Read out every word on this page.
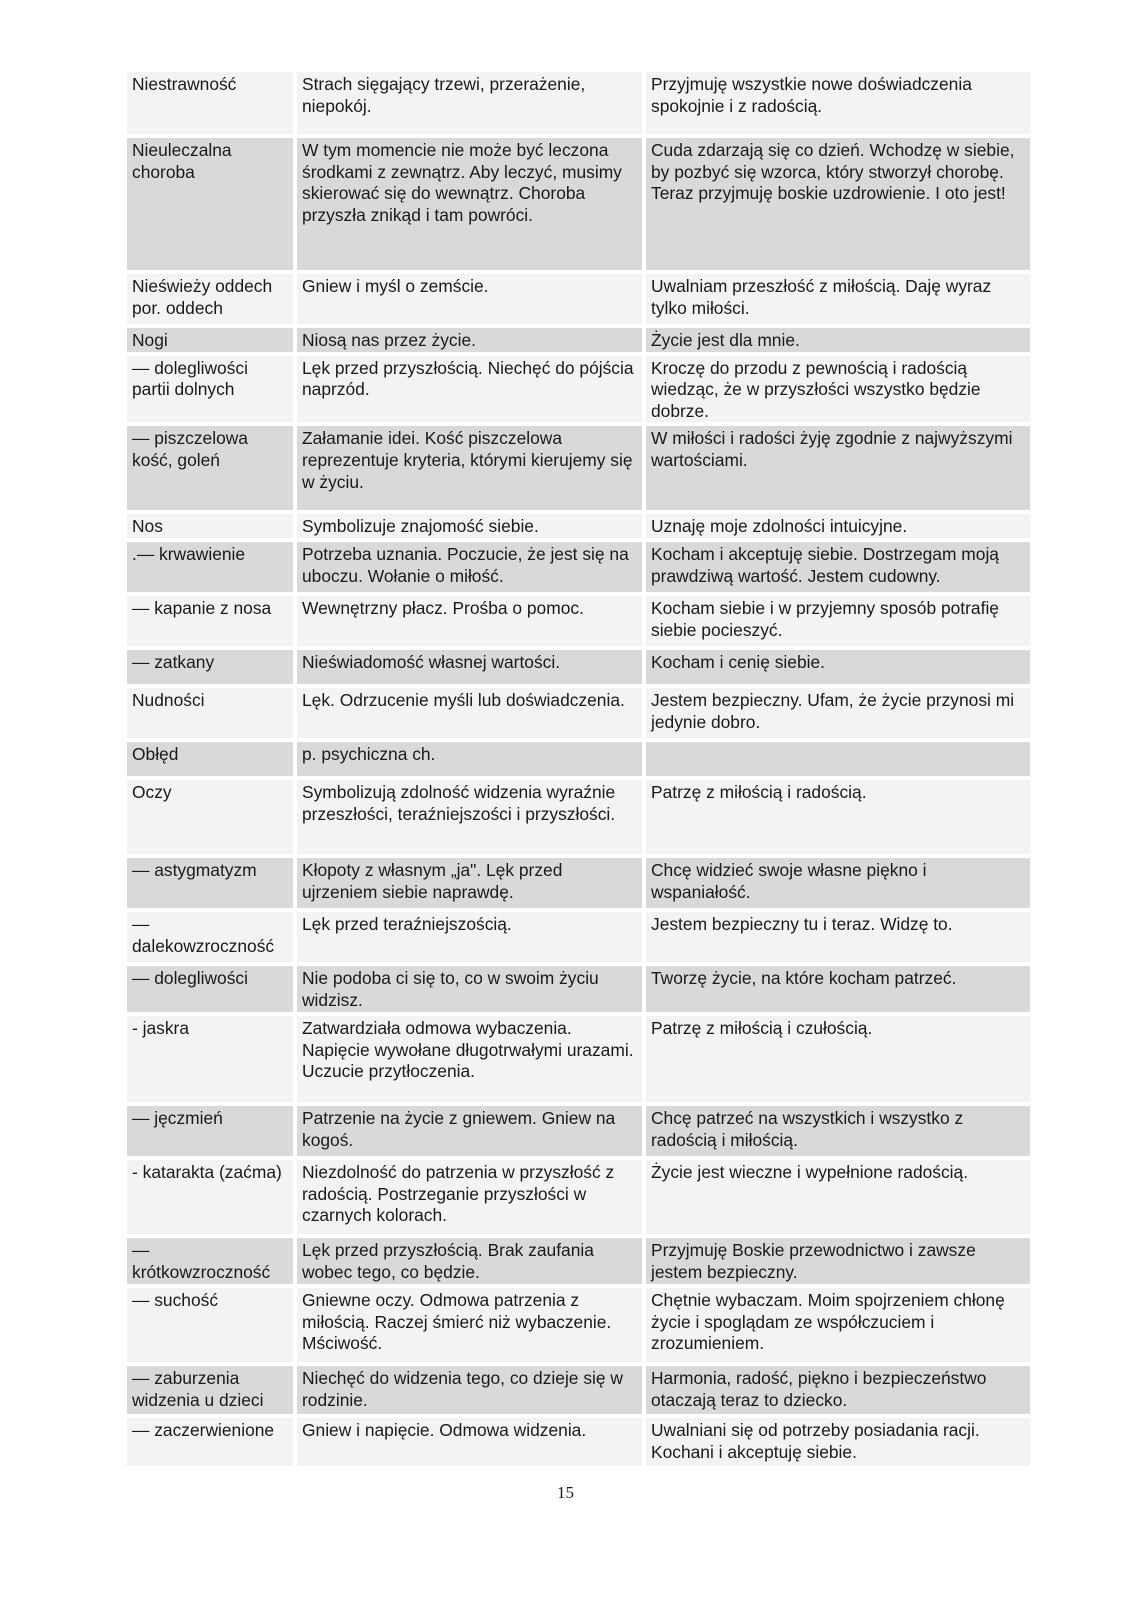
Niestrawność	Strach sięgający trzewi, przerażenie, niepokój.	Przyjmuję wszystkie nowe doświadczenia spokojnie i z radością.
Nieuleczalna choroba	W tym momencie nie może być leczona środkami z zewnątrz. Aby leczyć, musimy skierować się do wewnątrz. Choroba przyszła znikąd i tam powróci.	Cuda zdarzają się co dzień. Wchodzę w siebie, by pozbyć się wzorca, który stworzył chorobę. Teraz przyjmuję boskie uzdrowienie. I oto jest!
Nieświeży oddech por. oddech	Gniew i myśl o zemście.	Uwalniam przeszłość z miłością. Daję wyraz tylko miłości.
Nogi	Niosą nas przez życie.	Życie jest dla mnie.
— dolegliwości partii dolnych	Lęk przed przyszłością. Niechęć do pójścia naprzód.	Kroczę do przodu z pewnością i radością wiedząc, że w przyszłości wszystko będzie dobrze.
— piszczelowa kość, goleń	Załamanie idei. Kość piszczelowa reprezentuje kryteria, którymi kierujemy się w życiu.	W miłości i radości żyję zgodnie z najwyższymi wartościami.
Nos	Symbolizuje znajomość siebie.	Uznaję moje zdolności intuicyjne.
.— krwawienie	Potrzeba uznania. Poczucie, że jest się na uboczu. Wołanie o miłość.	Kocham i akceptuję siebie. Dostrzegam moją prawdziwą wartość. Jestem cudowny.
— kapanie z nosa	Wewnętrzny płacz. Prośba o pomoc.	Kocham siebie i w przyjemny sposób potrafię siebie pocieszyć.
— zatkany	Nieświadomość własnej wartości.	Kocham i cenię siebie.
Nudności	Lęk. Odrzucenie myśli lub doświadczenia.	Jestem bezpieczny. Ufam, że życie przynosi mi jedynie dobro.
Obłęd	p. psychiczna ch.	
Oczy	Symbolizują zdolność widzenia wyraźnie przeszłości, teraźniejszości i przyszłości.	Patrzę z miłością i radością.
— astygmatyzm	Kłopoty z własnym „ja". Lęk przed ujrzeniem siebie naprawdę.	Chcę widzieć swoje własne piękno i wspaniałość.
— dalekowzroczność	Lęk przed teraźniejszością.	Jestem bezpieczny tu i teraz. Widzę to.
— dolegliwości	Nie podoba ci się to, co w swoim życiu widzisz.	Tworzę życie, na które kocham patrzeć.
- jaskra	Zatwardziała odmowa wybaczenia. Napięcie wywołane długotrwałymi urazami. Uczucie przytłoczenia.	Patrzę z miłością i czułością.
— jęczmień	Patrzenie na życie z gniewem. Gniew na kogoś.	Chcę patrzeć na wszystkich i wszystko z radością i miłością.
- katarakta (zaćma)	Niezdolność do patrzenia w przyszłość z radością. Postrzeganie przyszłości w czarnych kolorach.	Życie jest wieczne i wypełnione radością.
— krótkowzroczność	Lęk przed przyszłością. Brak zaufania wobec tego, co będzie.	Przyjmuję Boskie przewodnictwo i zawsze jestem bezpieczny.
— suchość	Gniewne oczy. Odmowa patrzenia z miłością. Raczej śmierć niż wybaczenie. Mściwość.	Chętnie wybaczam. Moim spojrzeniem chłonę życie i spoglądam ze współczuciem i zrozumieniem.
— zaburzenia widzenia u dzieci	Niechęć do widzenia tego, co dzieje się w rodzinie.	Harmonia, radość, piękno i bezpieczeństwo otaczają teraz to dziecko.
— zaczerwienione	Gniew i napięcie. Odmowa widzenia.	Uwalniani się od potrzeby posiadania racji. Kochani i akceptuję siebie.
15
